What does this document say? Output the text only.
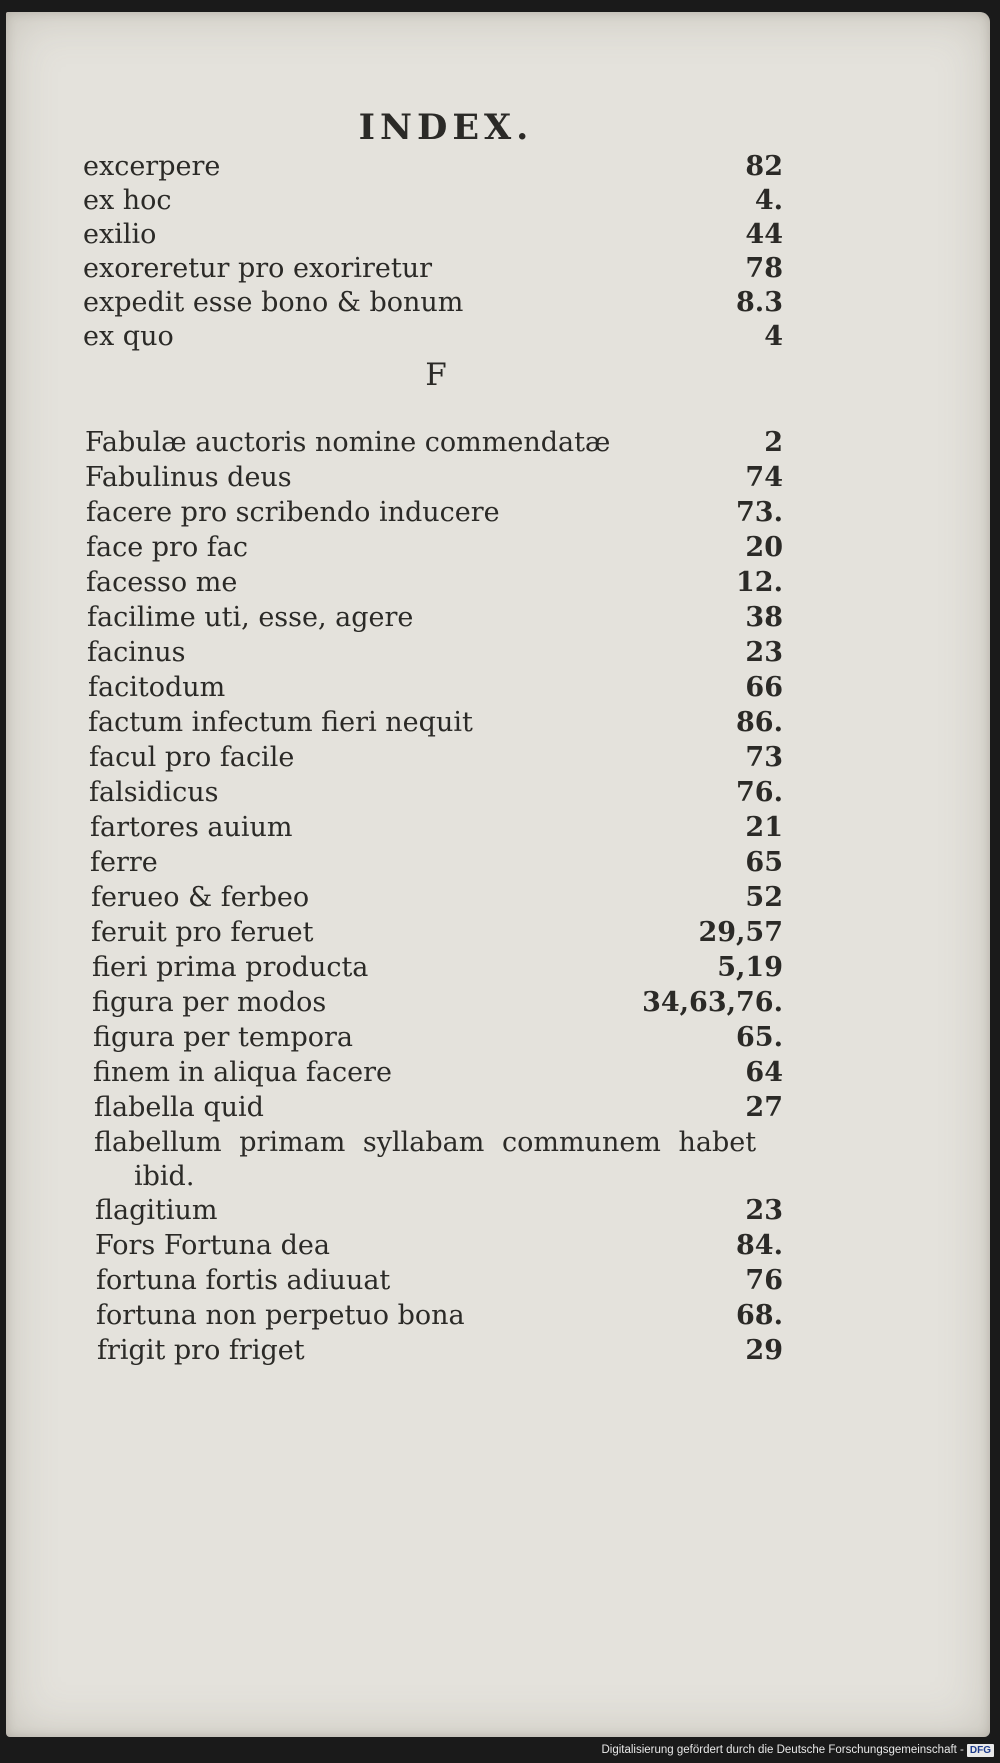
INDEX.
F
excerpere	82
ex hoc	4.
exilio	44
exoreretur pro exoriretur	78
expedit esse bono & bonum	8.3
ex quo	4
Fabulæ auctoris nomine commendatæ	2
Fabulinus deus	74
facere pro scribendo inducere	73.
face pro fac	20
facesso me	12.
facilime uti, esse, agere	38
facinus	23
facitodum	66
factum infectum fieri nequit	86.
facul pro facile	73
falsidicus	76.
fartores auium	21
ferre	65
ferueo & ferbeo	52
feruit pro feruet	29,57
fieri prima producta	5,19
figura per modos	34,63,76.
figura per tempora	65.
finem in aliqua facere	64
flabella quid	27
flabellum primam syllabam communem habet
ibid.
flagitium	23
Fors Fortuna dea	84.
fortuna fortis adiuuat	76
fortuna non perpetuo bona	68.
frigit pro friget	29
Digitalisierung gefördert durch die Deutsche Forschungsgemeinschaft - DFG
